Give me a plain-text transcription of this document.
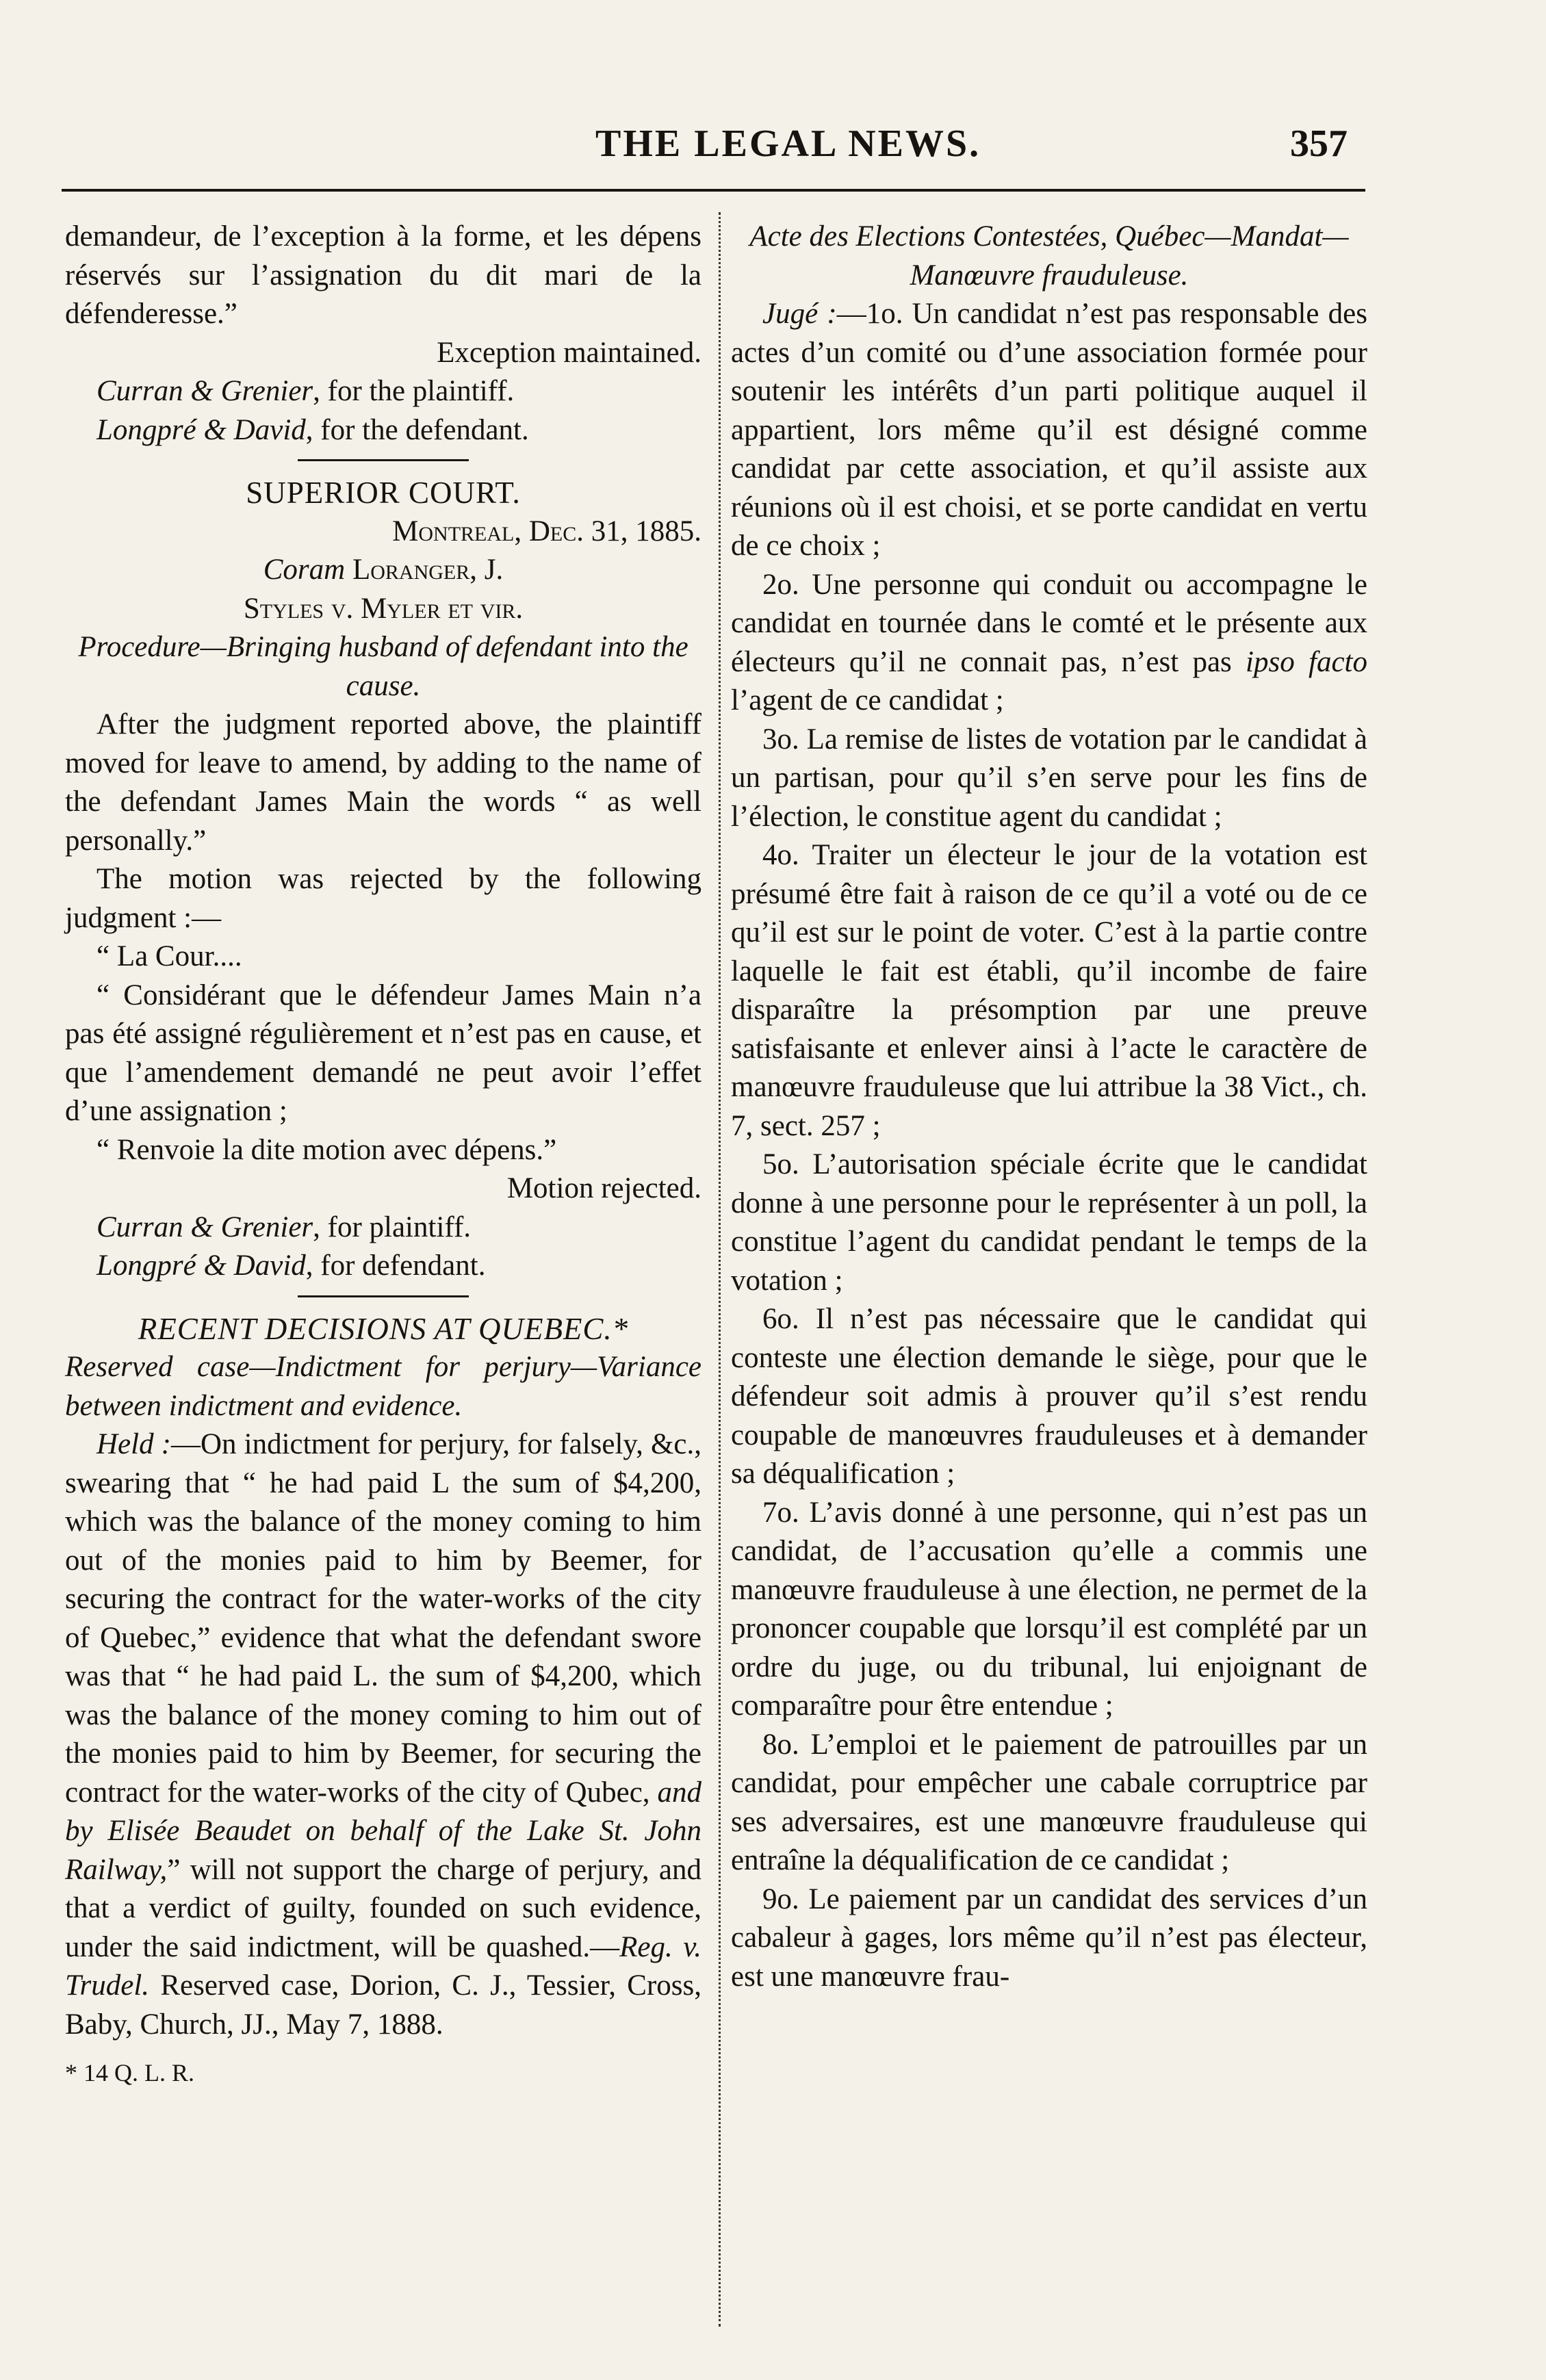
THE LEGAL NEWS.	357

demandeur, de l’exception à la forme, et les dépens réservés sur l’assignation du dit mari de la défenderesse.”

Exception maintained.

Curran & Grenier, for the plaintiff.

Longpré & David, for the defendant.

SUPERIOR COURT.

Montreal, Dec. 31, 1885.

Coram Loranger, J.

Styles v. Myler et vir.

Procedure—Bringing husband of defendant into the cause.

After the judgment reported above, the plaintiff moved for leave to amend, by adding to the name of the defendant James Main the words “ as well personally.”

The motion was rejected by the following judgment :—

“ La Cour....

“ Considérant que le défendeur James Main n’a pas été assigné régulièrement et n’est pas en cause, et que l’amendement demandé ne peut avoir l’effet d’une assignation ;

“ Renvoie la dite motion avec dépens.”

Motion rejected.

Curran & Grenier, for plaintiff.

Longpré & David, for defendant.

RECENT DECISIONS AT QUEBEC.*

Reserved case—Indictment for perjury—Variance between indictment and evidence.

Held :—On indictment for perjury, for falsely, &c., swearing that “ he had paid L the sum of $4,200, which was the balance of the money coming to him out of the monies paid to him by Beemer, for securing the contract for the water-works of the city of Quebec,” evidence that what the defendant swore was that “ he had paid L. the sum of $4,200, which was the balance of the money coming to him out of the monies paid to him by Beemer, for securing the contract for the water-works of the city of Qubec, and by Elisée Beaudet on behalf of the Lake St. John Railway,” will not support the charge of perjury, and that a verdict of guilty, founded on such evidence, under the said indictment, will be quashed.—Reg. v. Trudel. Reserved case, Dorion, C. J., Tessier, Cross, Baby, Church, JJ., May 7, 1888.

* 14 Q. L. R.

Acte des Elections Contestées, Québec—Mandat—Manœuvre frauduleuse.

Jugé :—1o. Un candidat n’est pas responsable des actes d’un comité ou d’une association formée pour soutenir les intérêts d’un parti politique auquel il appartient, lors même qu’il est désigné comme candidat par cette association, et qu’il assiste aux réunions où il est choisi, et se porte candidat en vertu de ce choix ;

2o. Une personne qui conduit ou accompagne le candidat en tournée dans le comté et le présente aux électeurs qu’il ne connait pas, n’est pas ipso facto l’agent de ce candidat ;

3o. La remise de listes de votation par le candidat à un partisan, pour qu’il s’en serve pour les fins de l’élection, le constitue agent du candidat ;

4o. Traiter un électeur le jour de la votation est présumé être fait à raison de ce qu’il a voté ou de ce qu’il est sur le point de voter. C’est à la partie contre laquelle le fait est établi, qu’il incombe de faire disparaître la présomption par une preuve satisfaisante et enlever ainsi à l’acte le caractère de manœuvre frauduleuse que lui attribue la 38 Vict., ch. 7, sect. 257 ;

5o. L’autorisation spéciale écrite que le candidat donne à une personne pour le représenter à un poll, la constitue l’agent du candidat pendant le temps de la votation ;

6o. Il n’est pas nécessaire que le candidat qui conteste une élection demande le siège, pour que le défendeur soit admis à prouver qu’il s’est rendu coupable de manœuvres frauduleuses et à demander sa déqualification ;

7o. L’avis donné à une personne, qui n’est pas un candidat, de l’accusation qu’elle a commis une manœuvre frauduleuse à une élection, ne permet de la prononcer coupable que lorsqu’il est complété par un ordre du juge, ou du tribunal, lui enjoignant de comparaître pour être entendue ;

8o. L’emploi et le paiement de patrouilles par un candidat, pour empêcher une cabale corruptrice par ses adversaires, est une manœuvre frauduleuse qui entraîne la déqualification de ce candidat ;

9o. Le paiement par un candidat des services d’un cabaleur à gages, lors même qu’il n’est pas électeur, est une manœuvre frau-
